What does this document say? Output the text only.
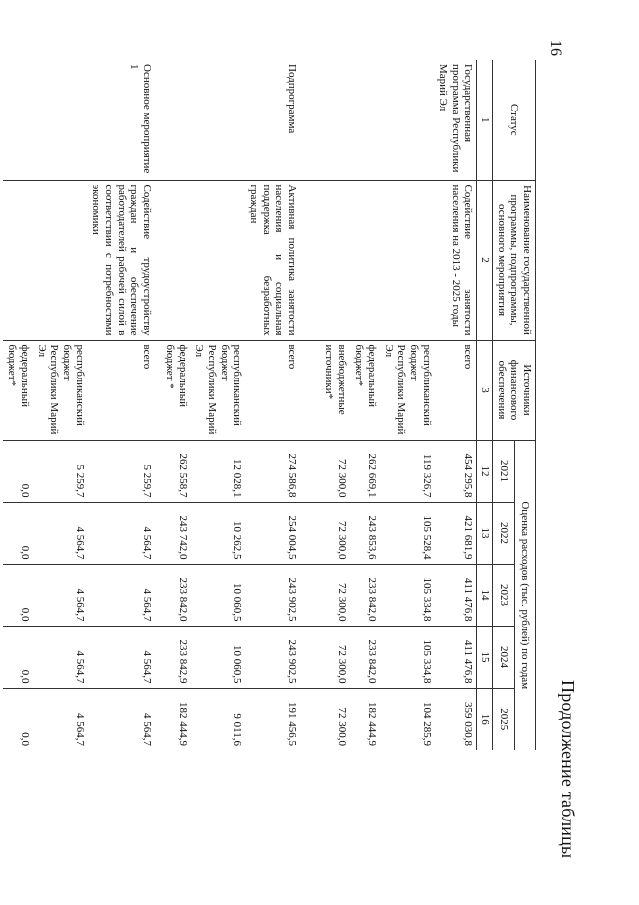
16
Продолжение таблицы
Статус	Наименование государственной программы, подпрограммы, основного мероприятия	Источники финансового обеспечения	Оценка расходов (тыс. рублей) по годам				
			2021	2022	2023	2024	2025
1	2	3	12	13	14	15	16
Государственная программа Республики Марий Эл	Содействие занятости населения на 2013 - 2025 годы	всего	454 295,8	421 681,9	411 476,8	411 476,8	359 030,8
		республиканский бюджет Республики Марий Эл	119 326,7	105 528,4	105 334,8	105 334,8	104 285,9
		федеральный бюджет*	262 669,1	243 853,6	233 842,0	233 842,0	182 444,9
		внебюджетные источники*	72 300,0	72 300,0	72 300,0	72 300,0	72 300,0
Подпрограмма	Активная политика занятости населения и социальная поддержка безработных граждан	всего	274 586,8	254 004,5	243 902,5	243 902,5	191 456,5
		республиканский бюджет Республики Марий Эл	12 028,1	10 262,5	10 060,5	10 060,5	9 011,6
		федеральный бюджет *	262 558,7	243 742,0	233 842,0	233 842,9	182 444,9
Основное мероприятие 1	Содействие трудоустройству граждан и обеспечение работодателей рабочей силой в соответствии с потребностями экономики	всего	5 259,7	4 564,7	4 564,7	4 564,7	4 564,7
		республиканский бюджет Республики Марий Эл	5 259,7	4 564,7	4 564,7	4 564,7	4 564,7
		федеральный бюджет*	0,0	0,0	0,0	0,0	0,0
